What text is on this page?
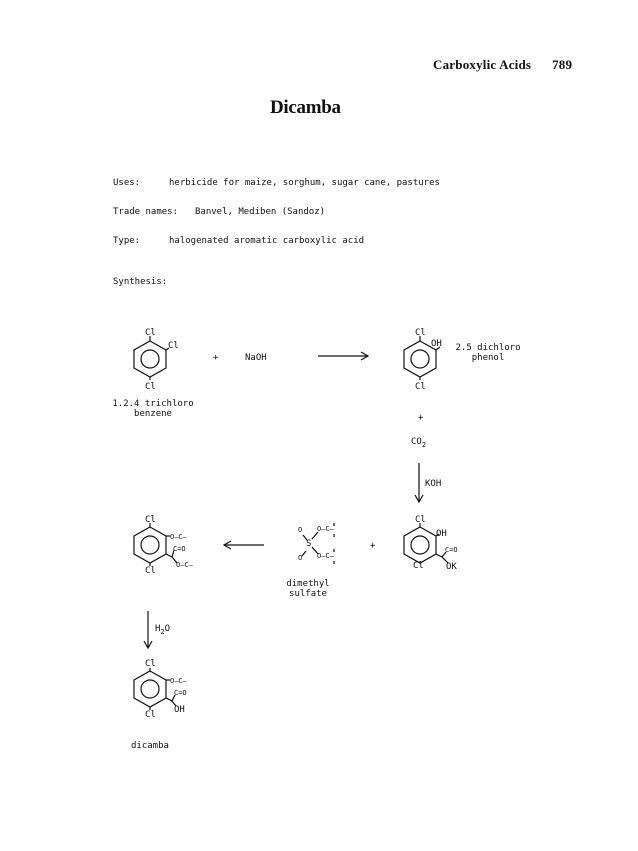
Carboxylic Acids 789
Dicamba
Uses:	herbicide for maize, sorghum, sugar cane, pastures
Trade names: Banvel, Mediben (Sandoz)
Type:	halogenated aromatic carboxylic acid
Synthesis:
1.2.4 trichloro
benzene
2.5 dichloro
phenol
dimethyl
sulfate
dicamba
Cl
Cl
Cl
+	NaOH
Cl
OH
Cl
+
$CO_2$
KOH
Cl
OH
C=O
OK
Cl
+
S
O
O
O–C–
O–C–
Cl
O–C–
C=O
O–C–
Cl
$H_2O$
Cl
O–C–
C=O
OH
Cl
